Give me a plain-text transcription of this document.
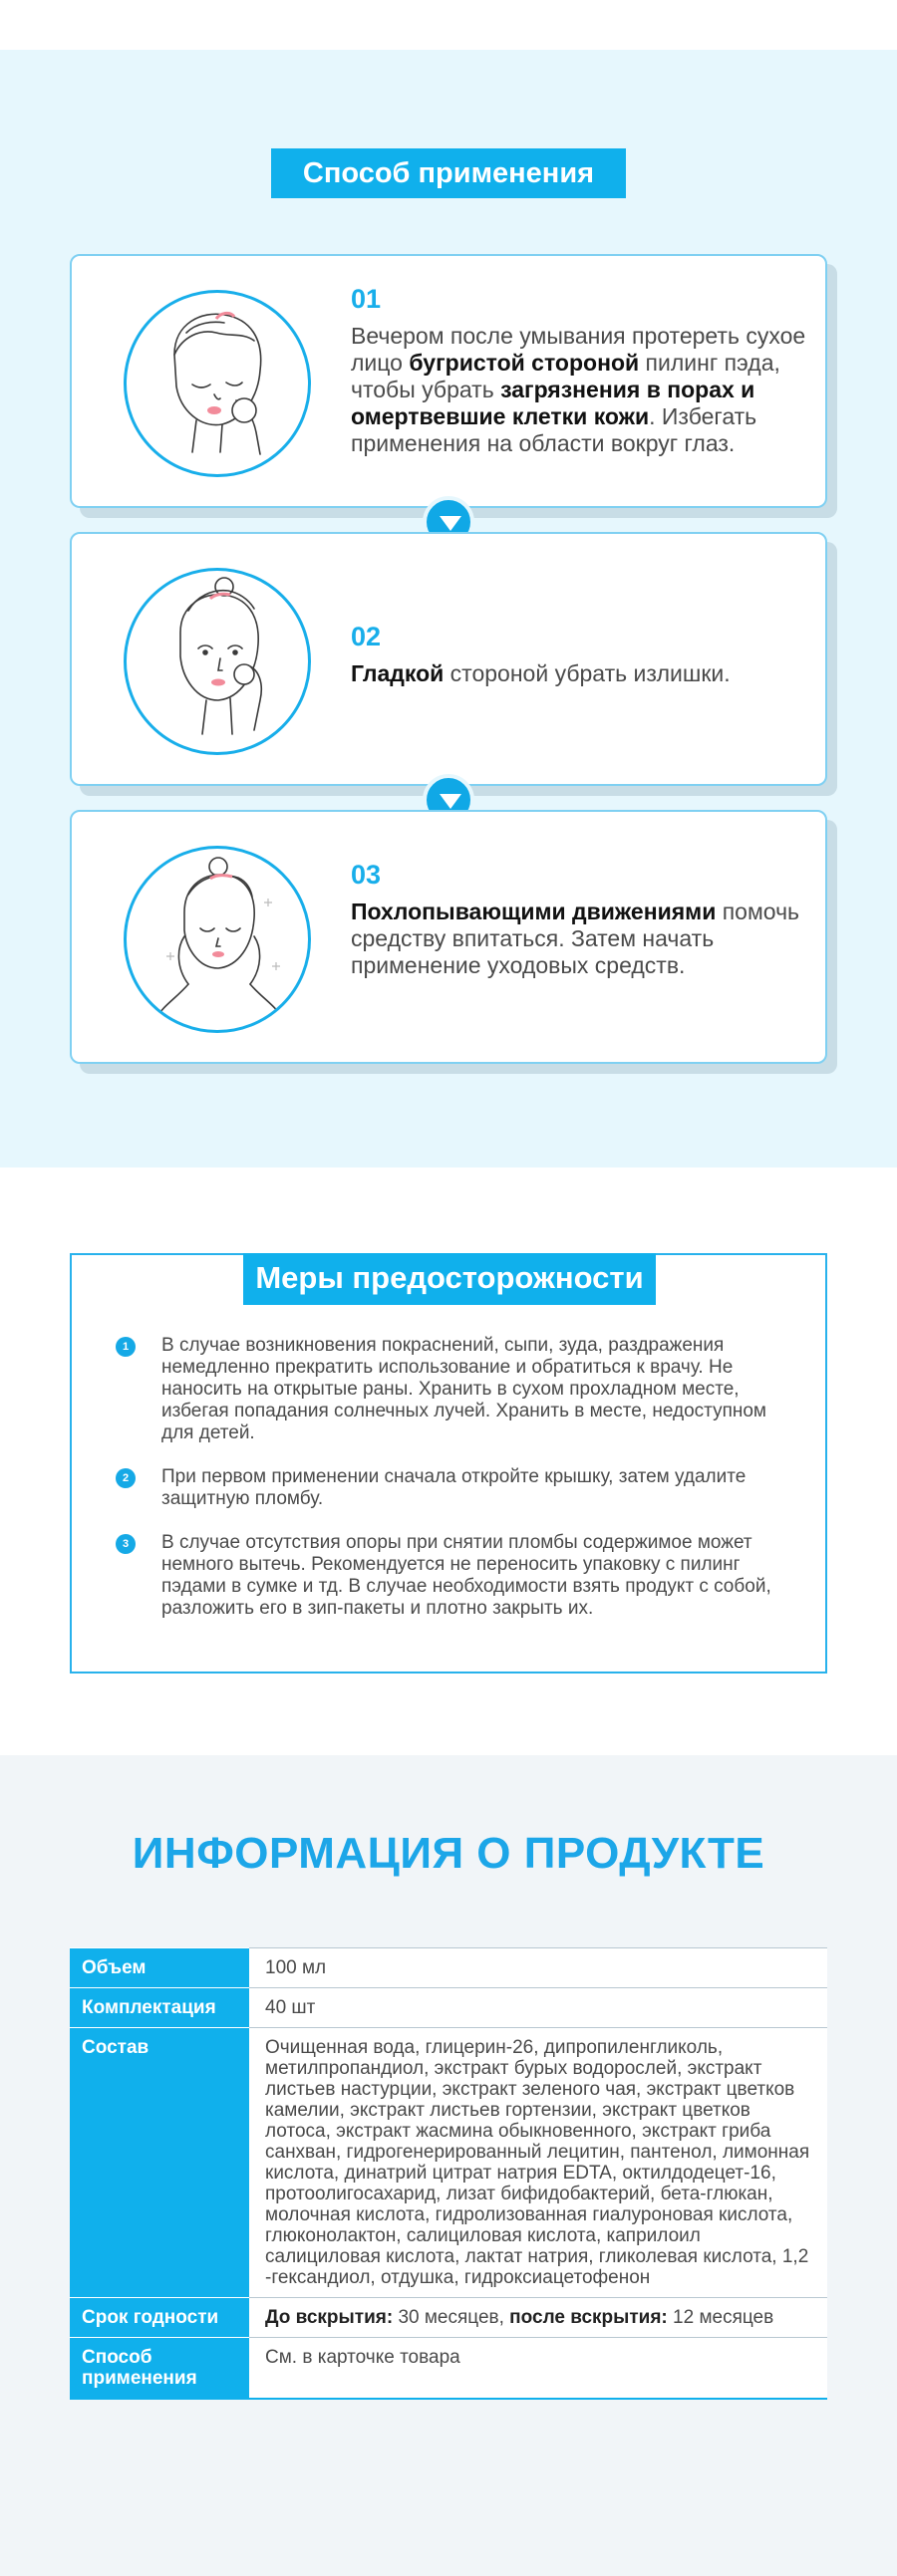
Способ применения
01
Вечером после умывания протереть сухое лицо бугристой стороной пилинг пэда, чтобы убрать загрязнения в порах и омертвевшие клетки кожи. Избегать применения на области вокруг глаз.
02
Гладкой стороной убрать излишки.
03
Похлопывающими движениями помочь средству впитаться. Затем начать применение уходовых средств.
Меры предосторожности
1	В случае возникновения покраснений, сыпи, зуда, раздражения немедленно прекратить использование и обратиться к врачу. Не наносить на открытые раны. Хранить в сухом прохладном месте, избегая попадания солнечных лучей. Хранить в месте, недоступном для детей.
2	При первом применении сначала откройте крышку, затем удалите защитную пломбу.
3	В случае отсутствия опоры при снятии пломбы содержимое может немного вытечь. Рекомендуется не переносить упаковку с пилинг пэдами в сумке и тд. В случае необходимости взять продукт с собой, разложить его в зип-пакеты и плотно закрыть их.
ИНФОРМАЦИЯ О ПРОДУКТЕ
Объем	100 мл
Комплектация	40 шт
Состав	Очищенная вода, глицерин-26, дипропиленгликоль, метилпропандиол, экстракт бурых водорослей, экстракт листьев настурции, экстракт зеленого чая, экстракт цветков камелии, экстракт листьев гортензии, экстракт цветков лотоса, экстракт жасмина обыкновенного, экстракт гриба санхван, гидрогенерированный лецитин, пантенол, лимонная кислота, динатрий цитрат натрия EDTA, октилдодецет-16, протоолигосахарид, лизат бифидобактерий, бета-глюкан, молочная кислота, гидролизованная гиалуроновая кислота, глюконолактон, салициловая кислота, каприлоил салициловая кислота, лактат натрия, гликолевая кислота, 1,2 -гександиол, отдушка, гидроксиацетофенон
Срок годности	До вскрытия: 30 месяцев, после вскрытия: 12 месяцев
Способ применения	См. в карточке товара
